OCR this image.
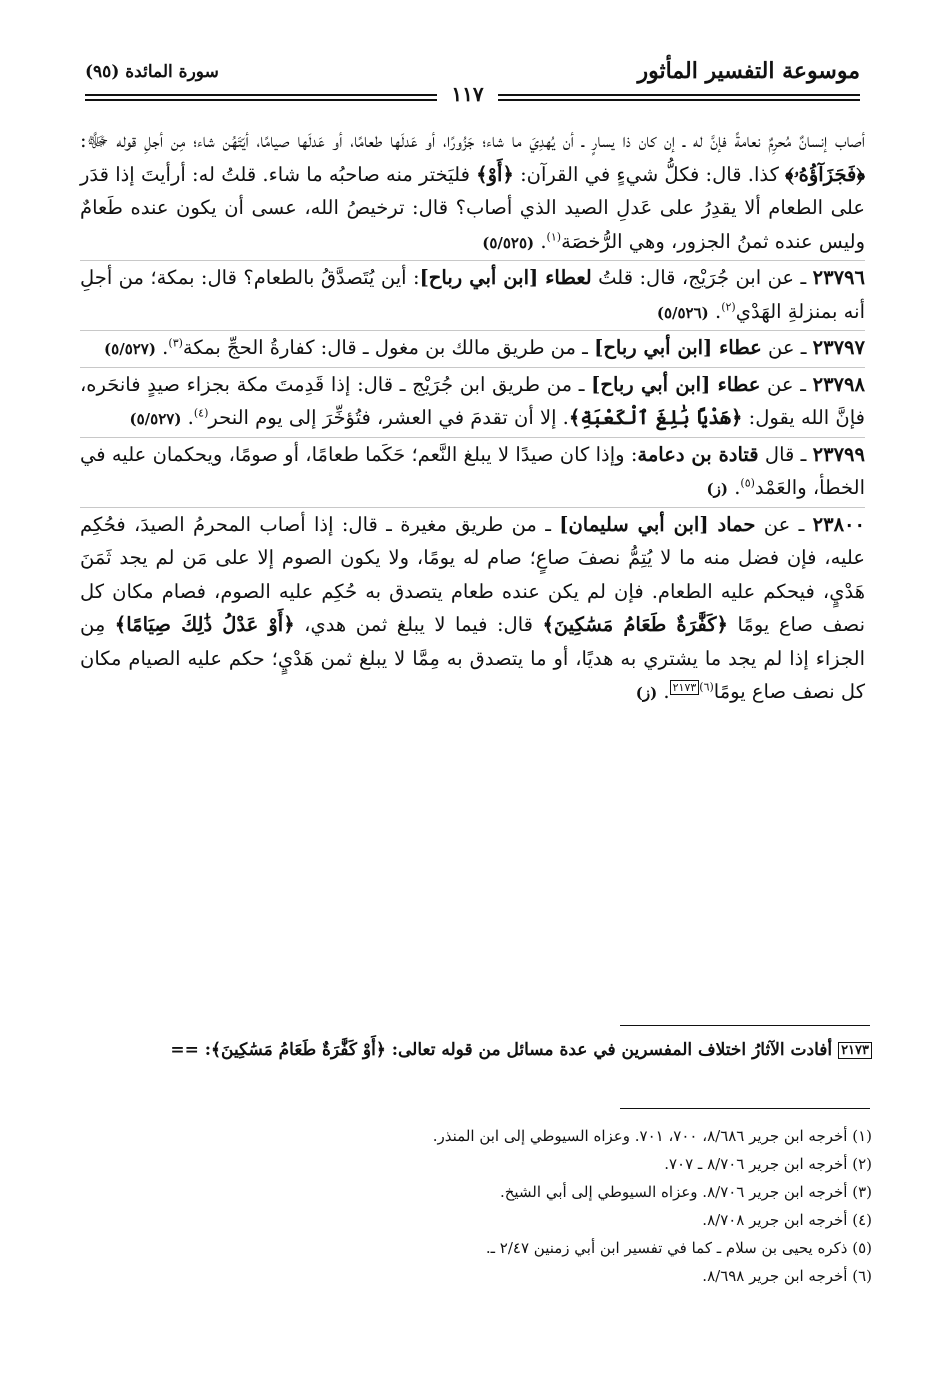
موسوعة التفسير المأثور
سورة المائدة (٩٥)
١١٧

أصاب إنسانٌ مُحرِمٌ نعامةً فإنَّ له ـ إن كان ذا يسارٍ ـ أن يُهدِيَ ما شاء؛ جَزُورًا، أو عَدلَها طعامًا، أو عَدلَها صيامًا، أيّتَهُن شاء؛ مِن أجلِ قوله ﷻ: ﴿فَجَزَآؤُهُۥ﴾ كذا. قال: فكلُّ شيءٍ في القرآن: ﴿أَوْ﴾ فليَختر منه صاحبُه ما شاء. قلتُ له: أرأيتَ إذا قدَر على الطعام ألا يقدِرُ على عَدلِ الصيد الذي أصاب؟ قال: ترخيصُ الله، عسى أن يكون عنده طَعامٌ وليس عنده ثمنُ الجزور، وهي الرُّخصَة$^{(١)}$. (٥/٥٢٥)

٢٣٧٩٦ ـ عن ابن جُرَيْج، قال: قلتُ لعطاء [ابن أبي رباح]: أين يُتَصدَّقُ بالطعام؟ قال: بمكة؛ من أجلِ أنه بمنزلةِ الهَدْي$^{(٢)}$. (٥/٥٢٦)

٢٣٧٩٧ ـ عن عطاء [ابن أبي رباح] ـ من طريق مالك بن مغول ـ قال: كفارةُ الحجِّ بمكة$^{(٣)}$. (٥/٥٢٧)

٢٣٧٩٨ ـ عن عطاء [ابن أبي رباح] ـ من طريق ابن جُرَيْج ـ قال: إذا قَدِمتَ مكة بجزاء صيدٍ فانحَره، فإنَّ الله يقول: ﴿هَدْيًا بَٰلِغَ ٱلْكَعْبَةِ﴾. إلا أن تقدمَ في العشر، فتُؤخِّرَ إلى يوم النحر$^{(٤)}$. (٥/٥٢٧)

٢٣٧٩٩ ـ قال قتادة بن دعامة: وإذا كان صيدًا لا يبلغ النَّعم؛ حَكَما طعامًا، أو صومًا، ويحكمان عليه في الخطأ، والعَمْد$^{(٥)}$. (ز)

٢٣٨٠٠ ـ عن حماد [ابن أبي سليمان] ـ من طريق مغيرة ـ قال: إذا أصاب المحرمُ الصيدَ، فحُكِم عليه، فإن فضل منه ما لا يُتِمُّ نصفَ صاعٍ؛ صام له يومًا، ولا يكون الصوم إلا على مَن لم يجد ثَمَنَ هَدْيٍ، فيحكم عليه الطعام. فإن لم يكن عنده طعام يتصدق به حُكِم عليه الصوم، فصام مكان كل نصف صاع يومًا ﴿كَفَّٰرَةٌ طَعَامُ مَسَٰكِينَ﴾ قال: فيما لا يبلغ ثمن هدي، ﴿أَوْ عَدْلُ ذَٰلِكَ صِيَامًا﴾ مِن الجزاء إذا لم يجد ما يشتري به هديًا، أو ما يتصدق به مِمَّا لا يبلغ ثمن هَدْيٍ؛ حكم عليه الصيام مكان كل نصف صاع يومًا$^{(٦)٢١٧٣}$. (ز)

٢١٧٣ أفادت الآثارُ اختلاف المفسرين في عدة مسائل من قوله تعالى: ﴿أَوْ كَفَّٰرَةٌ طَعَامُ مَسَٰكِينَ﴾: ==
(١) أخرجه ابن جرير ٨/٦٨٦، ٧٠٠، ٧٠١. وعزاه السيوطي إلى ابن المنذر.
(٢) أخرجه ابن جرير ٨/٧٠٦ ـ ٧٠٧.
(٣) أخرجه ابن جرير ٨/٧٠٦. وعزاه السيوطي إلى أبي الشيخ.
(٤) أخرجه ابن جرير ٨/٧٠٨.
(٥) ذكره يحيى بن سلام ـ كما في تفسير ابن أبي زمنين ٢/٤٧ ـ.
(٦) أخرجه ابن جرير ٨/٦٩٨.
